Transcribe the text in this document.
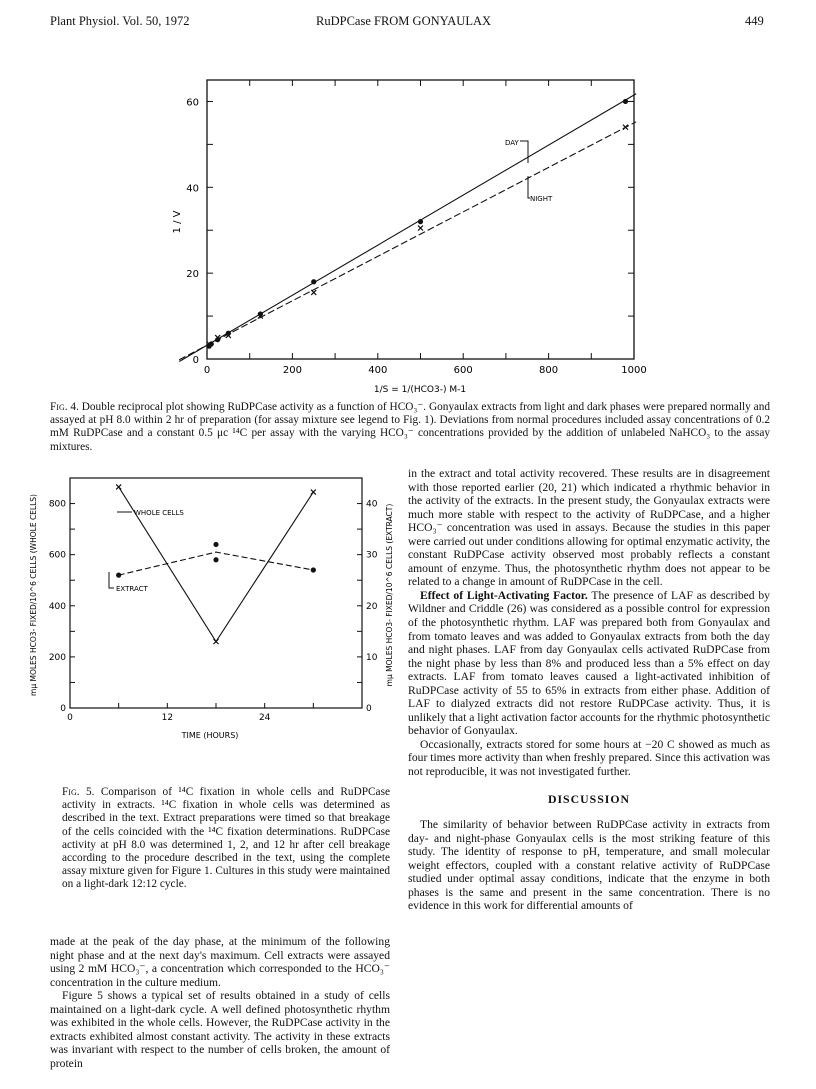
Plant Physiol. Vol. 50, 1972	RuDPCase FROM GONYAULAX	449
0	200	400	600	800	1000
0
20
40
60
1 / V
1/S = 1/(HCO3-) M-1
DAY
NIGHT
Fig. 4. Double reciprocal plot showing RuDPCase activity as a function of HCO₃⁻. Gonyaulax extracts from light and dark phases were prepared normally and assayed at pH 8.0 within 2 hr of preparation (for assay mixture see legend to Fig. 1). Deviations from normal procedures included assay concentrations of 0.2 mM RuDPCase and a constant 0.5 μc ¹⁴C per assay with the varying HCO₃⁻ concentrations provided by the addition of unlabeled NaHCO₃ to the assay mixtures.
0	12	24
0
200
400
600
800
0
10
20
30
40
mμ MOLES HCO3- FIXED/10^6 CELLS (WHOLE CELLS)	mμ MOLES HCO3- FIXED/10^6 CELLS (EXTRACT)
TIME (HOURS)
WHOLE CELLS
EXTRACT
Fig. 5. Comparison of ¹⁴C fixation in whole cells and RuDPCase activity in extracts. ¹⁴C fixation in whole cells was determined as described in the text. Extract preparations were timed so that breakage of the cells coincided with the ¹⁴C fixation determinations. RuDPCase activity at pH 8.0 was determined 1, 2, and 12 hr after cell breakage according to the procedure described in the text, using the complete assay mixture given for Figure 1. Cultures in this study were maintained on a light-dark 12:12 cycle.

made at the peak of the day phase, at the minimum of the following night phase and at the next day's maximum. Cell extracts were assayed using 2 mM HCO₃⁻, a concentration which corresponded to the HCO₃⁻ concentration in the culture medium.

Figure 5 shows a typical set of results obtained in a study of cells maintained on a light-dark cycle. A well defined photosynthetic rhythm was exhibited in the whole cells. However, the RuDPCase activity in the extracts exhibited almost constant activity. The activity in these extracts was invariant with respect to the number of cells broken, the amount of protein

in the extract and total activity recovered. These results are in disagreement with those reported earlier (20, 21) which indicated a rhythmic behavior in the activity of the extracts. In the present study, the Gonyaulax extracts were much more stable with respect to the activity of RuDPCase, and a higher HCO₃⁻ concentration was used in assays. Because the studies in this paper were carried out under conditions allowing for optimal enzymatic activity, the constant RuDPCase activity observed most probably reflects a constant amount of enzyme. Thus, the photosynthetic rhythm does not appear to be related to a change in amount of RuDPCase in the cell.

Effect of Light-Activating Factor. The presence of LAF as described by Wildner and Criddle (26) was considered as a possible control for expression of the photosynthetic rhythm. LAF was prepared both from Gonyaulax and from tomato leaves and was added to Gonyaulax extracts from both the day and night phases. LAF from day Gonyaulax cells activated RuDPCase from the night phase by less than 8% and produced less than a 5% effect on day extracts. LAF from tomato leaves caused a light-activated inhibition of RuDPCase activity of 55 to 65% in extracts from either phase. Addition of LAF to dialyzed extracts did not restore RuDPCase activity. Thus, it is unlikely that a light activation factor accounts for the rhythmic photosynthetic behavior of Gonyaulax.

Occasionally, extracts stored for some hours at −20 C showed as much as four times more activity than when freshly prepared. Since this activation was not reproducible, it was not investigated further.

DISCUSSION

The similarity of behavior between RuDPCase activity in extracts from day- and night-phase Gonyaulax cells is the most striking feature of this study. The identity of response to pH, temperature, and small molecular weight effectors, coupled with a constant relative activity of RuDPCase studied under optimal assay conditions, indicate that the enzyme in both phases is the same and present in the same concentration. There is no evidence in this work for differential amounts of
